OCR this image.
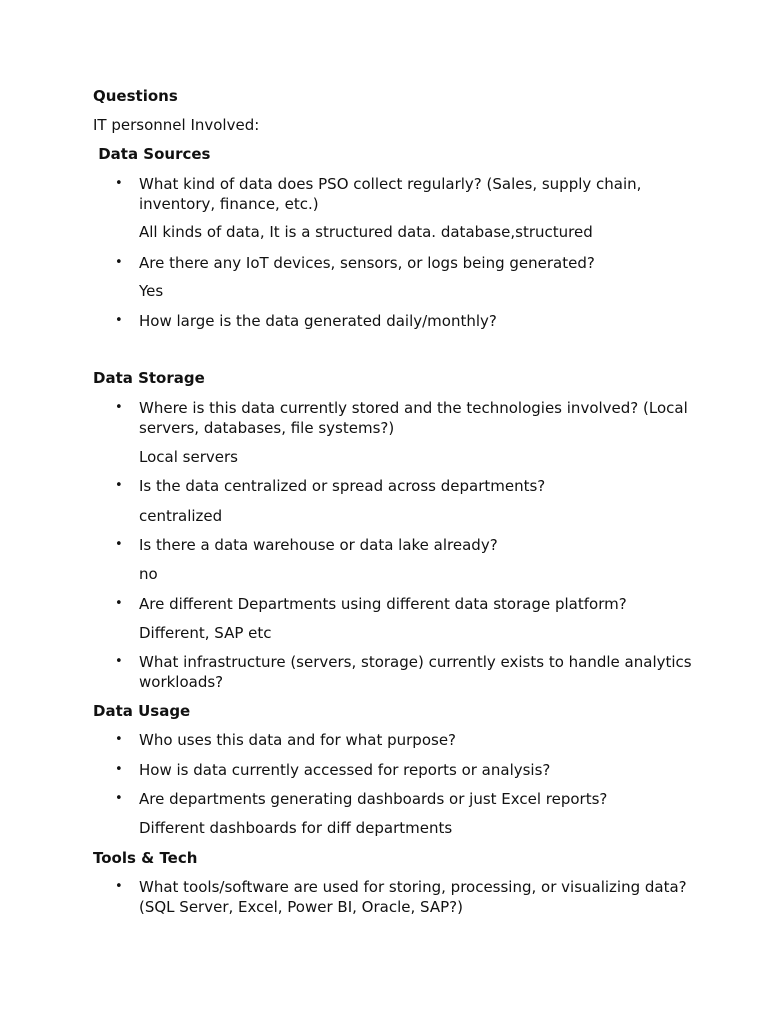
Questions
IT personnel Involved:
Data Sources
• What kind of data does PSO collect regularly? (Sales, supply chain, inventory, finance, etc.)
All kinds of data, It is a structured data. database,structured
• Are there any IoT devices, sensors, or logs being generated?
Yes
• How large is the data generated daily/monthly?
Data Storage
• Where is this data currently stored and the technologies involved? (Local servers, databases, file systems?)
Local servers
• Is the data centralized or spread across departments?
centralized
• Is there a data warehouse or data lake already?
no
• Are different Departments using different data storage platform?
Different, SAP etc
• What infrastructure (servers, storage) currently exists to handle analytics workloads?
Data Usage
• Who uses this data and for what purpose?
• How is data currently accessed for reports or analysis?
• Are departments generating dashboards or just Excel reports?
Different dashboards for diff departments
Tools & Tech
• What tools/software are used for storing, processing, or visualizing data? (SQL Server, Excel, Power BI, Oracle, SAP?)
